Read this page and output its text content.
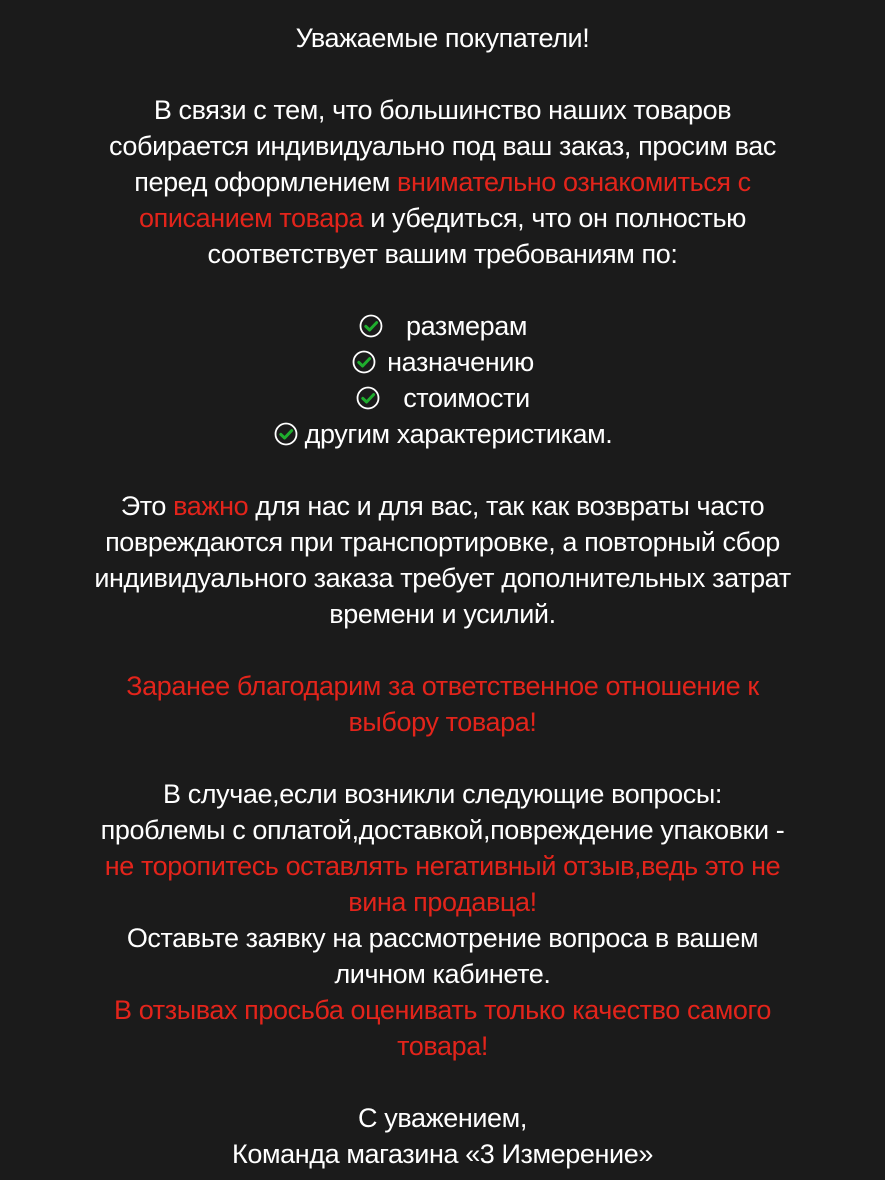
Уважаемые покупатели!
В связи с тем, что большинство наших товаров
собирается индивидуально под ваш заказ, просим вас
перед оформлением внимательно ознакомиться с
описанием товара и убедиться, что он полностью
соответствует вашим требованиям по:
размерам
назначению
стоимости
другим характеристикам.
Это важно для нас и для вас, так как возвраты часто
повреждаются при транспортировке, а повторный сбор
индивидуального заказа требует дополнительных затрат
времени и усилий.
Заранее благодарим за ответственное отношение к
выбору товара!
В случае,если возникли следующие вопросы:
проблемы с оплатой,доставкой,повреждение упаковки -
не торопитесь оставлять негативный отзыв,ведь это не
вина продавца!
Оставьте заявку на рассмотрение вопроса в вашем
личном кабинете.
В отзывах просьба оценивать только качество самого
товара!
С уважением,
Команда магазина «3 Измерение»
